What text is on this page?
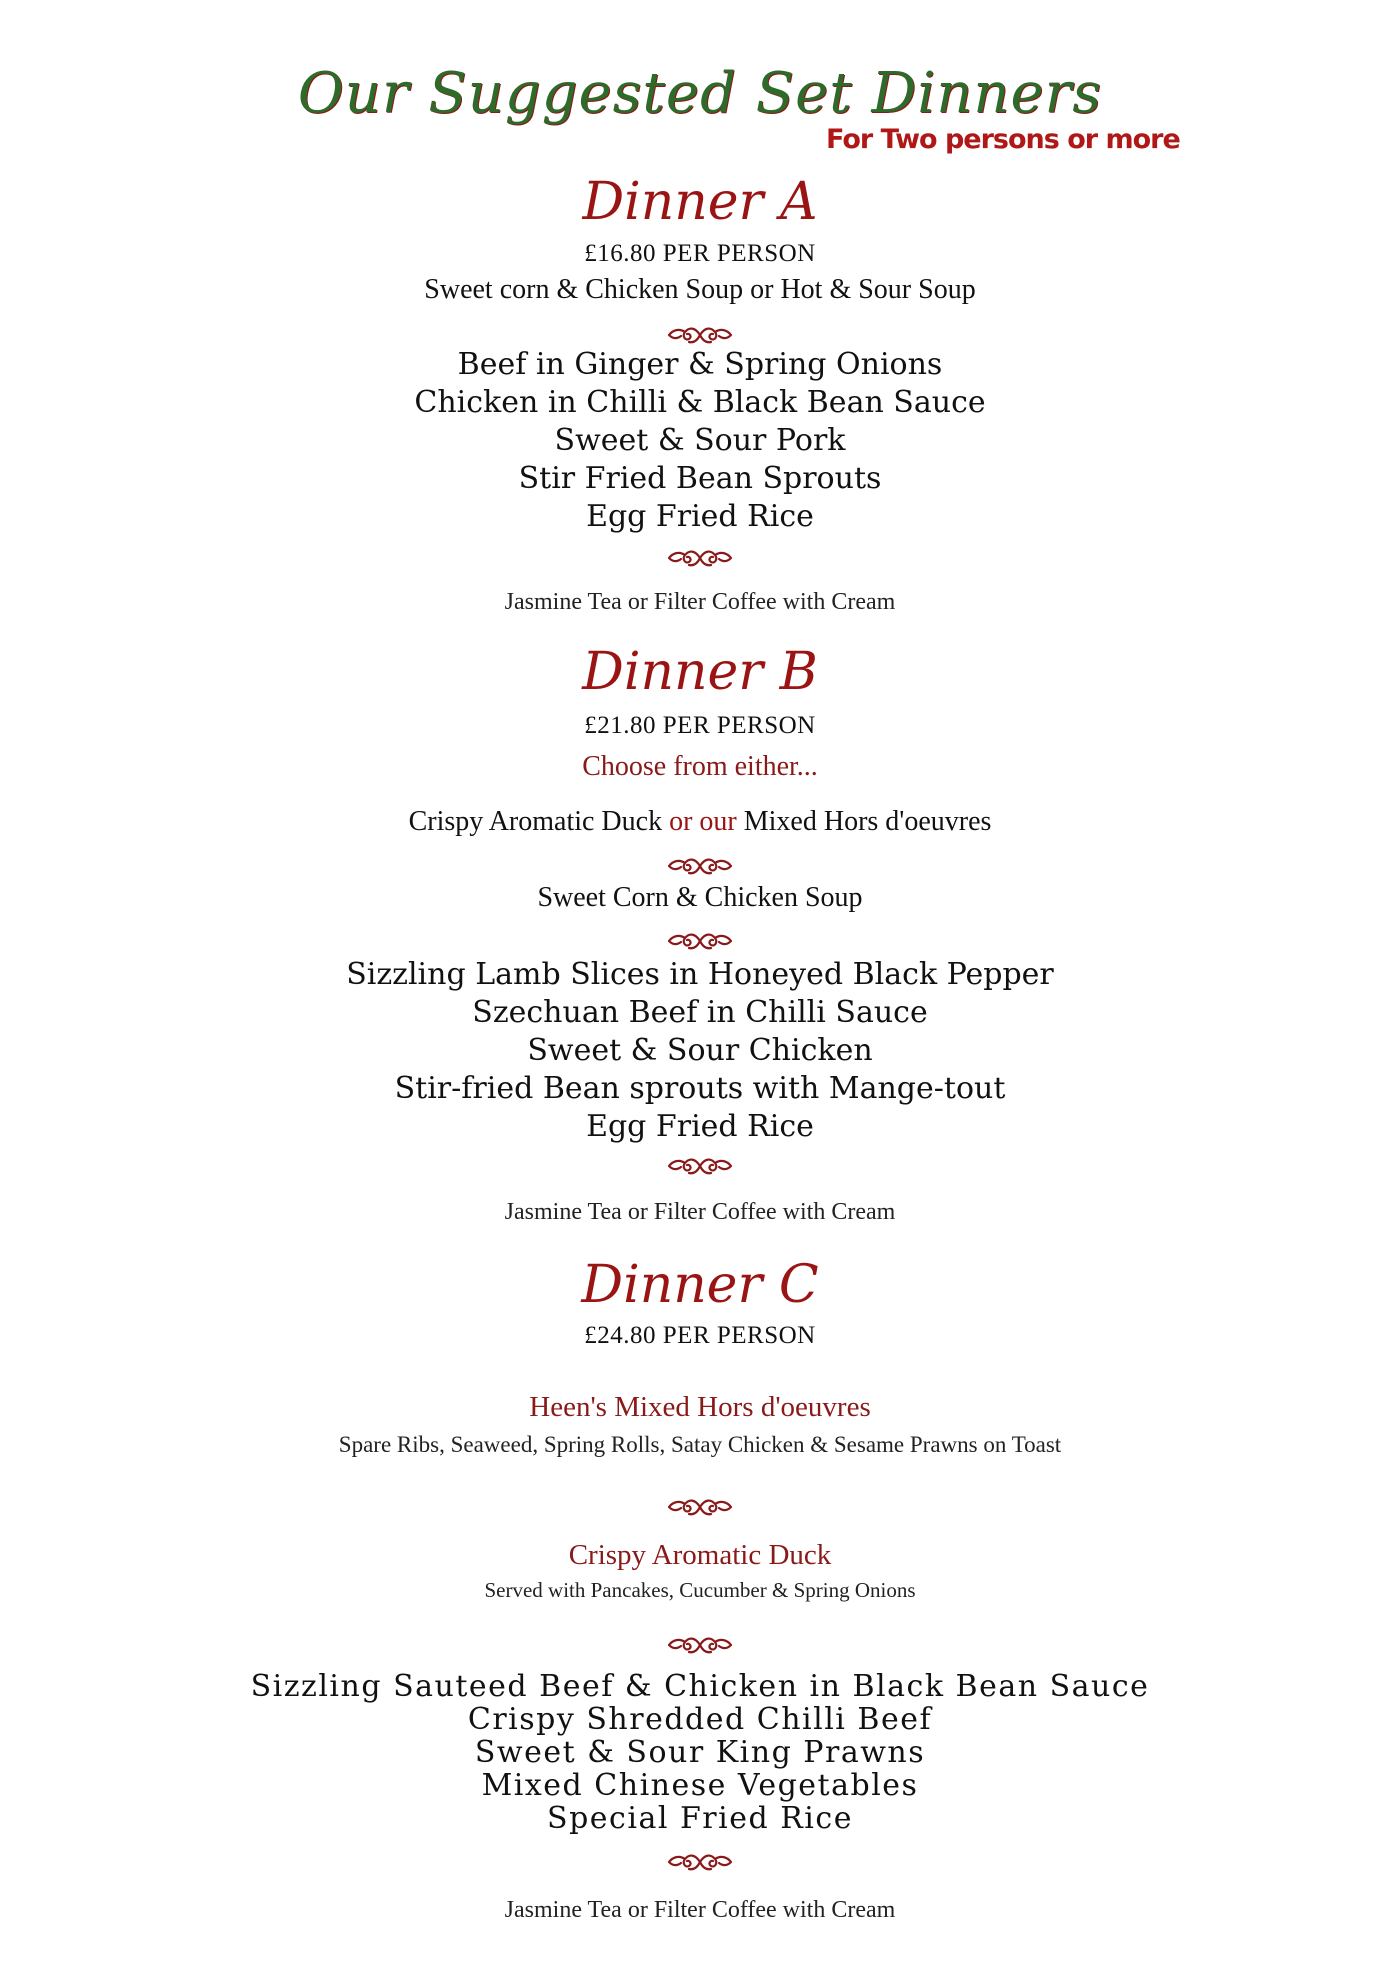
Our Suggested Set Dinners
For Two persons or more
Dinner A
£16.80 PER PERSON
Sweet corn & Chicken Soup or Hot & Sour Soup
Beef in Ginger & Spring Onions
Chicken in Chilli & Black Bean Sauce
Sweet & Sour Pork
Stir Fried Bean Sprouts
Egg Fried Rice
Jasmine Tea or Filter Coffee with Cream
Dinner B
£21.80 PER PERSON
Choose from either...
Crispy Aromatic Duck or our Mixed Hors d'oeuvres
Sweet Corn & Chicken Soup
Sizzling Lamb Slices in Honeyed Black Pepper
Szechuan Beef in Chilli Sauce
Sweet & Sour Chicken
Stir-fried Bean sprouts with Mange-tout
Egg Fried Rice
Jasmine Tea or Filter Coffee with Cream
Dinner C
£24.80 PER PERSON
Heen's Mixed Hors d'oeuvres
Spare Ribs, Seaweed, Spring Rolls, Satay Chicken & Sesame Prawns on Toast
Crispy Aromatic Duck
Served with Pancakes, Cucumber & Spring Onions
Sizzling Sauteed Beef & Chicken in Black Bean Sauce
Crispy Shredded Chilli Beef
Sweet & Sour King Prawns
Mixed Chinese Vegetables
Special Fried Rice
Jasmine Tea or Filter Coffee with Cream
